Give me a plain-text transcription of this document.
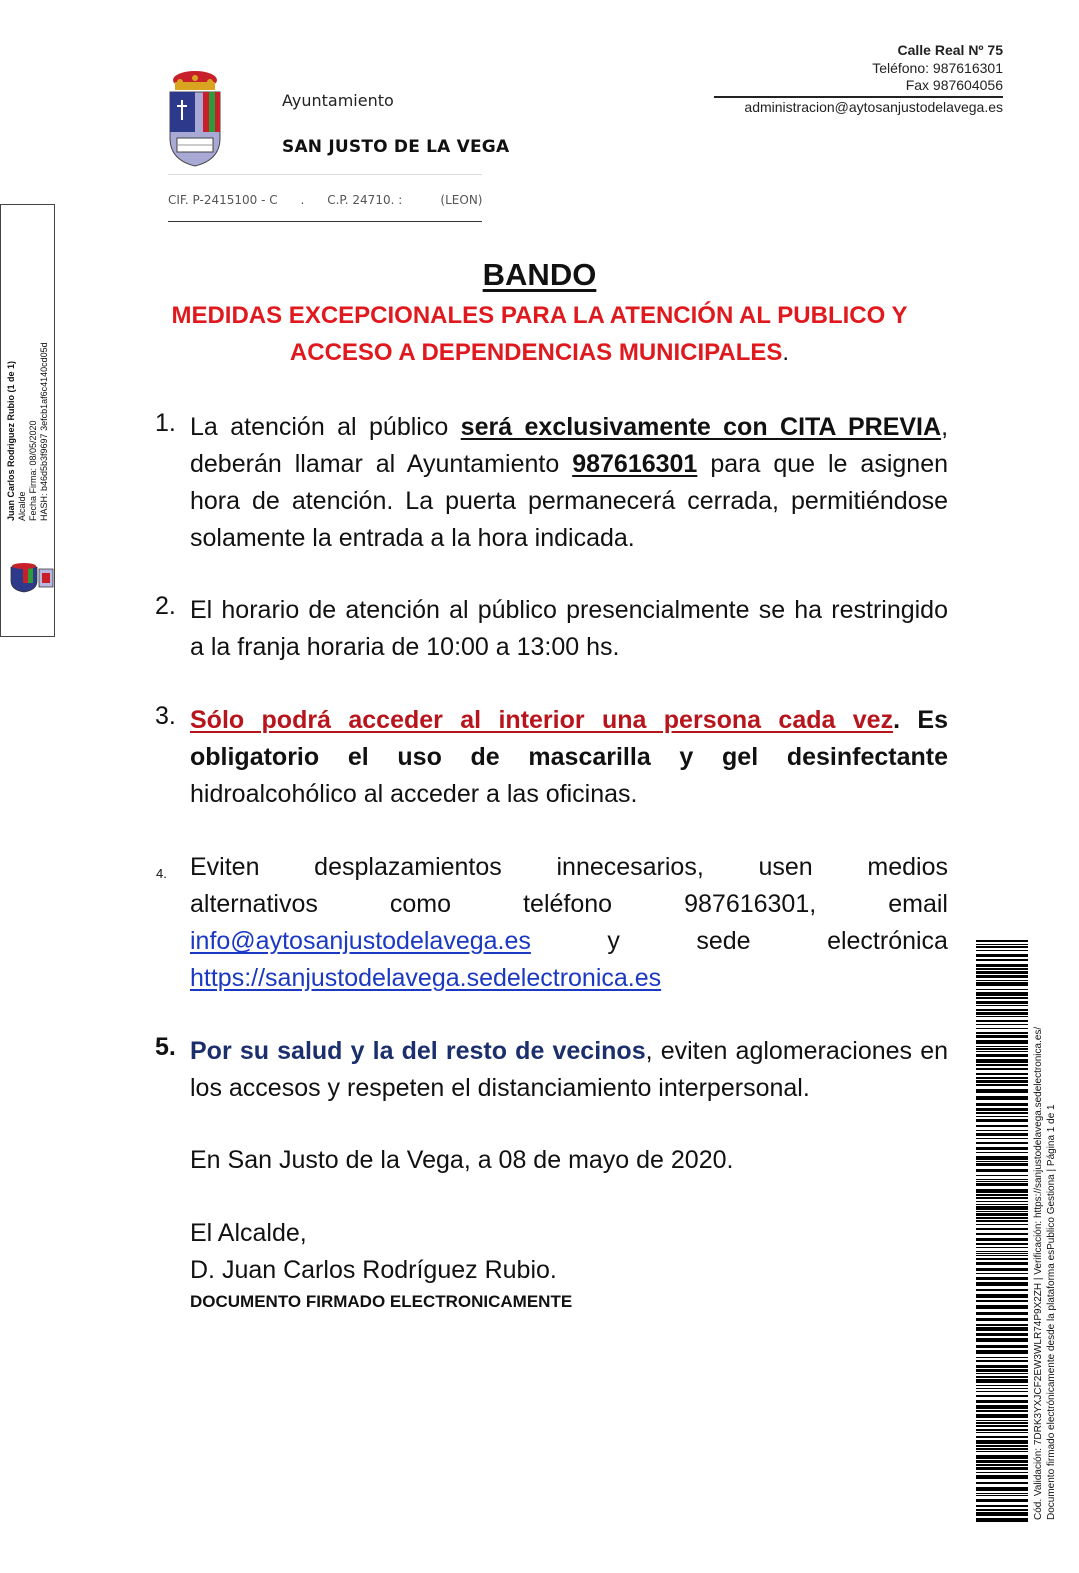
Ayuntamiento
SAN JUSTO DE LA VEGA
CIF. P-2415100 - C . C.P. 24710. :	(LEON)
Calle Real Nº 75
Teléfono: 987616301
Fax 987604056
administracion@aytosanjustodelavega.es
Juan Carlos Rodriguez Rubio (1 de 1) Alcalde Fecha Firma: 08/05/2020 HASH: b46d5b3f9697 3efcb1af6c4140cd05d
BANDO
MEDIDAS EXCEPCIONALES PARA LA ATENCIÓN AL PUBLICO Y
ACCESO A DEPENDENCIAS MUNICIPALES.
1. La atención al público será exclusivamente con CITA PREVIA, deberán llamar al Ayuntamiento 987616301 para que le asignen hora de atención. La puerta permanecerá cerrada, permitiéndose solamente la entrada a la hora indicada.
2. El horario de atención al público presencialmente se ha restringido a la franja horaria de 10:00 a 13:00 hs.
3. Sólo podrá acceder al interior una persona cada vez. Es obligatorio el uso de mascarilla y gel desinfectante hidroalcohólico al acceder a las oficinas.
4. Eviten desplazamientos innecesarios, usen medios
alternativos	como	teléfono	987616301,	email
info@aytosanjustodelavega.es	y	sede	electrónica
https://sanjustodelavega.sedelectronica.es
5. Por su salud y la del resto de vecinos, eviten aglomeraciones en los accesos y respeten el distanciamiento interpersonal.
En San Justo de la Vega, a 08 de mayo de 2020.
El Alcalde,
D. Juan Carlos Rodríguez Rubio.
DOCUMENTO FIRMADO ELECTRONICAMENTE	Cód. Validación: 7DRK3YXJCF2EW3WLR74P9X2ZH | Verificación: https://sanjustodelavega.sedelectronica.es/ Documento firmado electrónicamente desde la plataforma esPublico Gestiona | Página 1 de 1
